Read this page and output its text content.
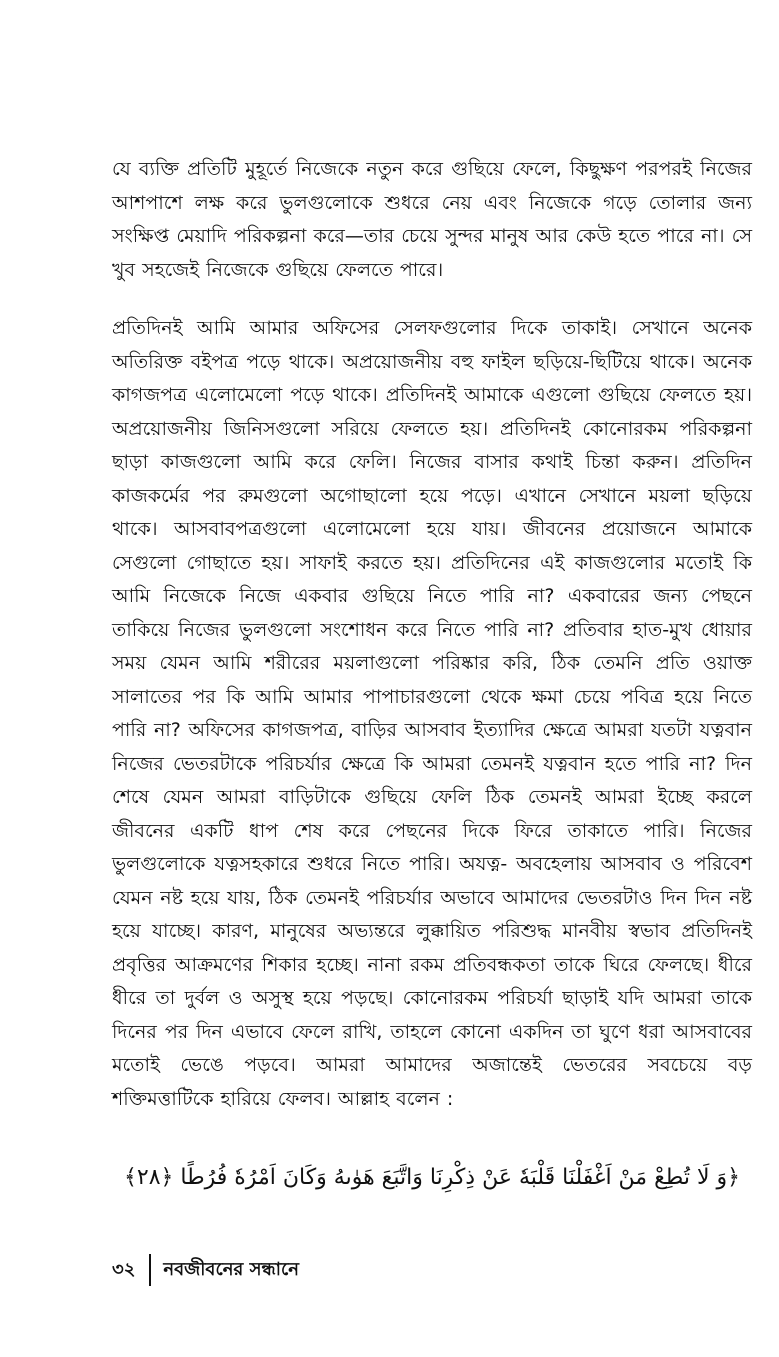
যে ব্যক্তি প্রতিটি মুহূর্তে নিজেকে নতুন করে গুছিয়ে ফেলে, কিছুক্ষণ পরপরই নিজের আশপাশে লক্ষ করে ভুলগুলোকে শুধরে নেয় এবং নিজেকে গড়ে তোলার জন্য সংক্ষিপ্ত মেয়াদি পরিকল্পনা করে—তার চেয়ে সুন্দর মানুষ আর কেউ হতে পারে না। সে খুব সহজেই নিজেকে গুছিয়ে ফেলতে পারে।

প্রতিদিনই আমি আমার অফিসের সেলফগুলোর দিকে তাকাই। সেখানে অনেক অতিরিক্ত বইপত্র পড়ে থাকে। অপ্রয়োজনীয় বহু ফাইল ছড়িয়ে-ছিটিয়ে থাকে। অনেক কাগজপত্র এলোমেলো পড়ে থাকে। প্রতিদিনই আমাকে এগুলো গুছিয়ে ফেলতে হয়। অপ্রয়োজনীয় জিনিসগুলো সরিয়ে ফেলতে হয়। প্রতিদিনই কোনোরকম পরিকল্পনা ছাড়া কাজগুলো আমি করে ফেলি। নিজের বাসার কথাই চিন্তা করুন। প্রতিদিন কাজকর্মের পর রুমগুলো অগোছালো হয়ে পড়ে। এখানে সেখানে ময়লা ছড়িয়ে থাকে। আসবাবপত্রগুলো এলোমেলো হয়ে যায়। জীবনের প্রয়োজনে আমাকে সেগুলো গোছাতে হয়। সাফাই করতে হয়। প্রতিদিনের এই কাজগুলোর মতোই কি আমি নিজেকে নিজে একবার গুছিয়ে নিতে পারি না? একবারের জন্য পেছনে তাকিয়ে নিজের ভুলগুলো সংশোধন করে নিতে পারি না? প্রতিবার হাত-মুখ ধোয়ার সময় যেমন আমি শরীরের ময়লাগুলো পরিষ্কার করি, ঠিক তেমনি প্রতি ওয়াক্ত সালাতের পর কি আমি আমার পাপাচারগুলো থেকে ক্ষমা চেয়ে পবিত্র হয়ে নিতে পারি না? অফিসের কাগজপত্র, বাড়ির আসবাব ইত্যাদির ক্ষেত্রে আমরা যতটা যত্নবান নিজের ভেতরটাকে পরিচর্যার ক্ষেত্রে কি আমরা তেমনই যত্নবান হতে পারি না? দিন শেষে যেমন আমরা বাড়িটাকে গুছিয়ে ফেলি ঠিক তেমনই আমরা ইচ্ছে করলে জীবনের একটি ধাপ শেষ করে পেছনের দিকে ফিরে তাকাতে পারি। নিজের ভুলগুলোকে যত্নসহকারে শুধরে নিতে পারি। অযত্ন- অবহেলায় আসবাব ও পরিবেশ যেমন নষ্ট হয়ে যায়, ঠিক তেমনই পরিচর্যার অভাবে আমাদের ভেতরটাও দিন দিন নষ্ট হয়ে যাচ্ছে। কারণ, মানুষের অভ্যন্তরে লুক্কায়িত পরিশুদ্ধ মানবীয় স্বভাব প্রতিদিনই প্রবৃত্তির আক্রমণের শিকার হচ্ছে। নানা রকম প্রতিবন্ধকতা তাকে ঘিরে ফেলছে। ধীরে ধীরে তা দুর্বল ও অসুস্থ হয়ে পড়ছে। কোনোরকম পরিচর্যা ছাড়াই যদি আমরা তাকে দিনের পর দিন এভাবে ফেলে রাখি, তাহলে কোনো একদিন তা ঘুণে ধরা আসবাবের মতোই ভেঙে পড়বে। আমরা আমাদের অজান্তেই ভেতরের সবচেয়ে বড় শক্তিমত্তাটিকে হারিয়ে ফেলব। আল্লাহ বলেন :

﴿وَ لَا تُطِعْ مَنْ اَغْفَلْنَا قَلْبَهٗ عَنْ ذِكْرِنَا وَاتَّبَعَ هَوٰىهُ وَكَانَ اَمْرُهٗ فُرُطًا ﴿٢٨﴾
৩২	নবজীবনের সন্ধানে
